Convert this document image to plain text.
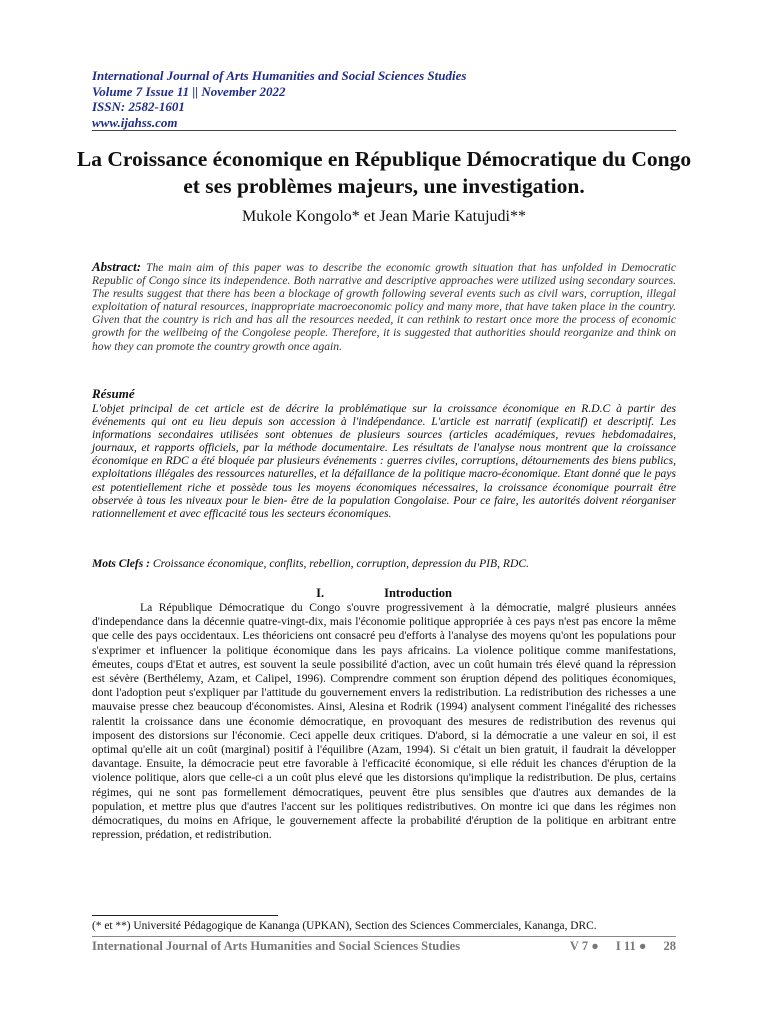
International Journal of Arts Humanities and Social Sciences Studies
Volume 7 Issue 11 || November 2022
ISSN: 2582-1601
www.ijahss.com
La Croissance économique en République Démocratique du Congo et ses problèmes majeurs, une investigation.
Mukole Kongolo* et Jean Marie Katujudi**
Abstract: The main aim of this paper was to describe the economic growth situation that has unfolded in Democratic Republic of Congo since its independence. Both narrative and descriptive approaches were utilized using secondary sources. The results suggest that there has been a blockage of growth following several events such as civil wars, corruption, illegal exploitation of natural resources, inappropriate macroeconomic policy and many more, that have taken place in the country. Given that the country is rich and has all the resources needed, it can rethink to restart once more the process of economic growth for the wellbeing of the Congolese people. Therefore, it is suggested that authorities should reorganize and think on how they can promote the country growth once again.
Résumé
L'objet principal de cet article est de décrire la problématique sur la croissance économique en R.D.C à partir des événements qui ont eu lieu depuis son accession à l'indépendance. L'article est narratif (explicatif) et descriptif. Les informations secondaires utilisées sont obtenues de plusieurs sources (articles académiques, revues hebdomadaires, journaux, et rapports officiels, par la méthode documentaire. Les résultats de l'analyse nous montrent que la croissance économique en RDC a été bloquée par plusieurs événements : guerres civiles, corruptions, détournements des biens publics, exploitations illégales des ressources naturelles, et la défaillance de la politique macro-économique. Etant donné que le pays est potentiellement riche et possède tous les moyens économiques nécessaires, la croissance économique pourrait être observée à tous les niveaux pour le bien- être de la population Congolaise. Pour ce faire, les autorités doivent réorganiser rationnellement et avec efficacité tous les secteurs économiques.
Mots Clefs : Croissance économique, conflits, rebellion, corruption, depression du PIB, RDC.
I.	Introduction

La République Démocratique du Congo s'ouvre progressivement à la démocratie, malgré plusieurs années d'independance dans la décennie quatre-vingt-dix, mais l'économie politique appropriée à ces pays n'est pas encore la même que celle des pays occidentaux. Les théoriciens ont consacré peu d'efforts à l'analyse des moyens qu'ont les populations pour s'exprimer et influencer la politique économique dans les pays africains. La violence politique comme manifestations, émeutes, coups d'Etat et autres, est souvent la seule possibilité d'action, avec un coût humain trés élevé quand la répression est sévère (Berthélemy, Azam, et Calipel, 1996). Comprendre comment son éruption dépend des politiques économiques, dont l'adoption peut s'expliquer par l'attitude du gouvernement envers la redistribution. La redistribution des richesses a une mauvaise presse chez beaucoup d'économistes. Ainsi, Alesina et Rodrik (1994) analysent comment l'inégalité des richesses ralentit la croissance dans une économie démocratique, en provoquant des mesures de redistribution des revenus qui imposent des distorsions sur l'économie. Ceci appelle deux critiques. D'abord, si la démocratie a une valeur en soi, il est optimal qu'elle ait un coût (marginal) positif à l'équilibre (Azam, 1994). Si c'était un bien gratuit, il faudrait la développer davantage. Ensuite, la démocracie peut etre favorable à l'efficacité économique, si elle réduit les chances d'éruption de la violence politique, alors que celle-ci a un coût plus elevé que les distorsions qu'implique la redistribution. De plus, certains régimes, qui ne sont pas formellement démocratiques, peuvent être plus sensibles que d'autres aux demandes de la population, et mettre plus que d'autres l'accent sur les politiques redistributives. On montre ici que dans les régimes non démocratiques, du moins en Afrique, le gouvernement affecte la probabilité d'éruption de la politique en arbitrant entre repression, prédation, et redistribution.

(* et **) Université Pédagogique de Kananga (UPKAN), Section des Sciences Commerciales, Kananga, DRC.
International Journal of Arts Humanities and Social Sciences Studies	V 7 ● I 11 ● 28
